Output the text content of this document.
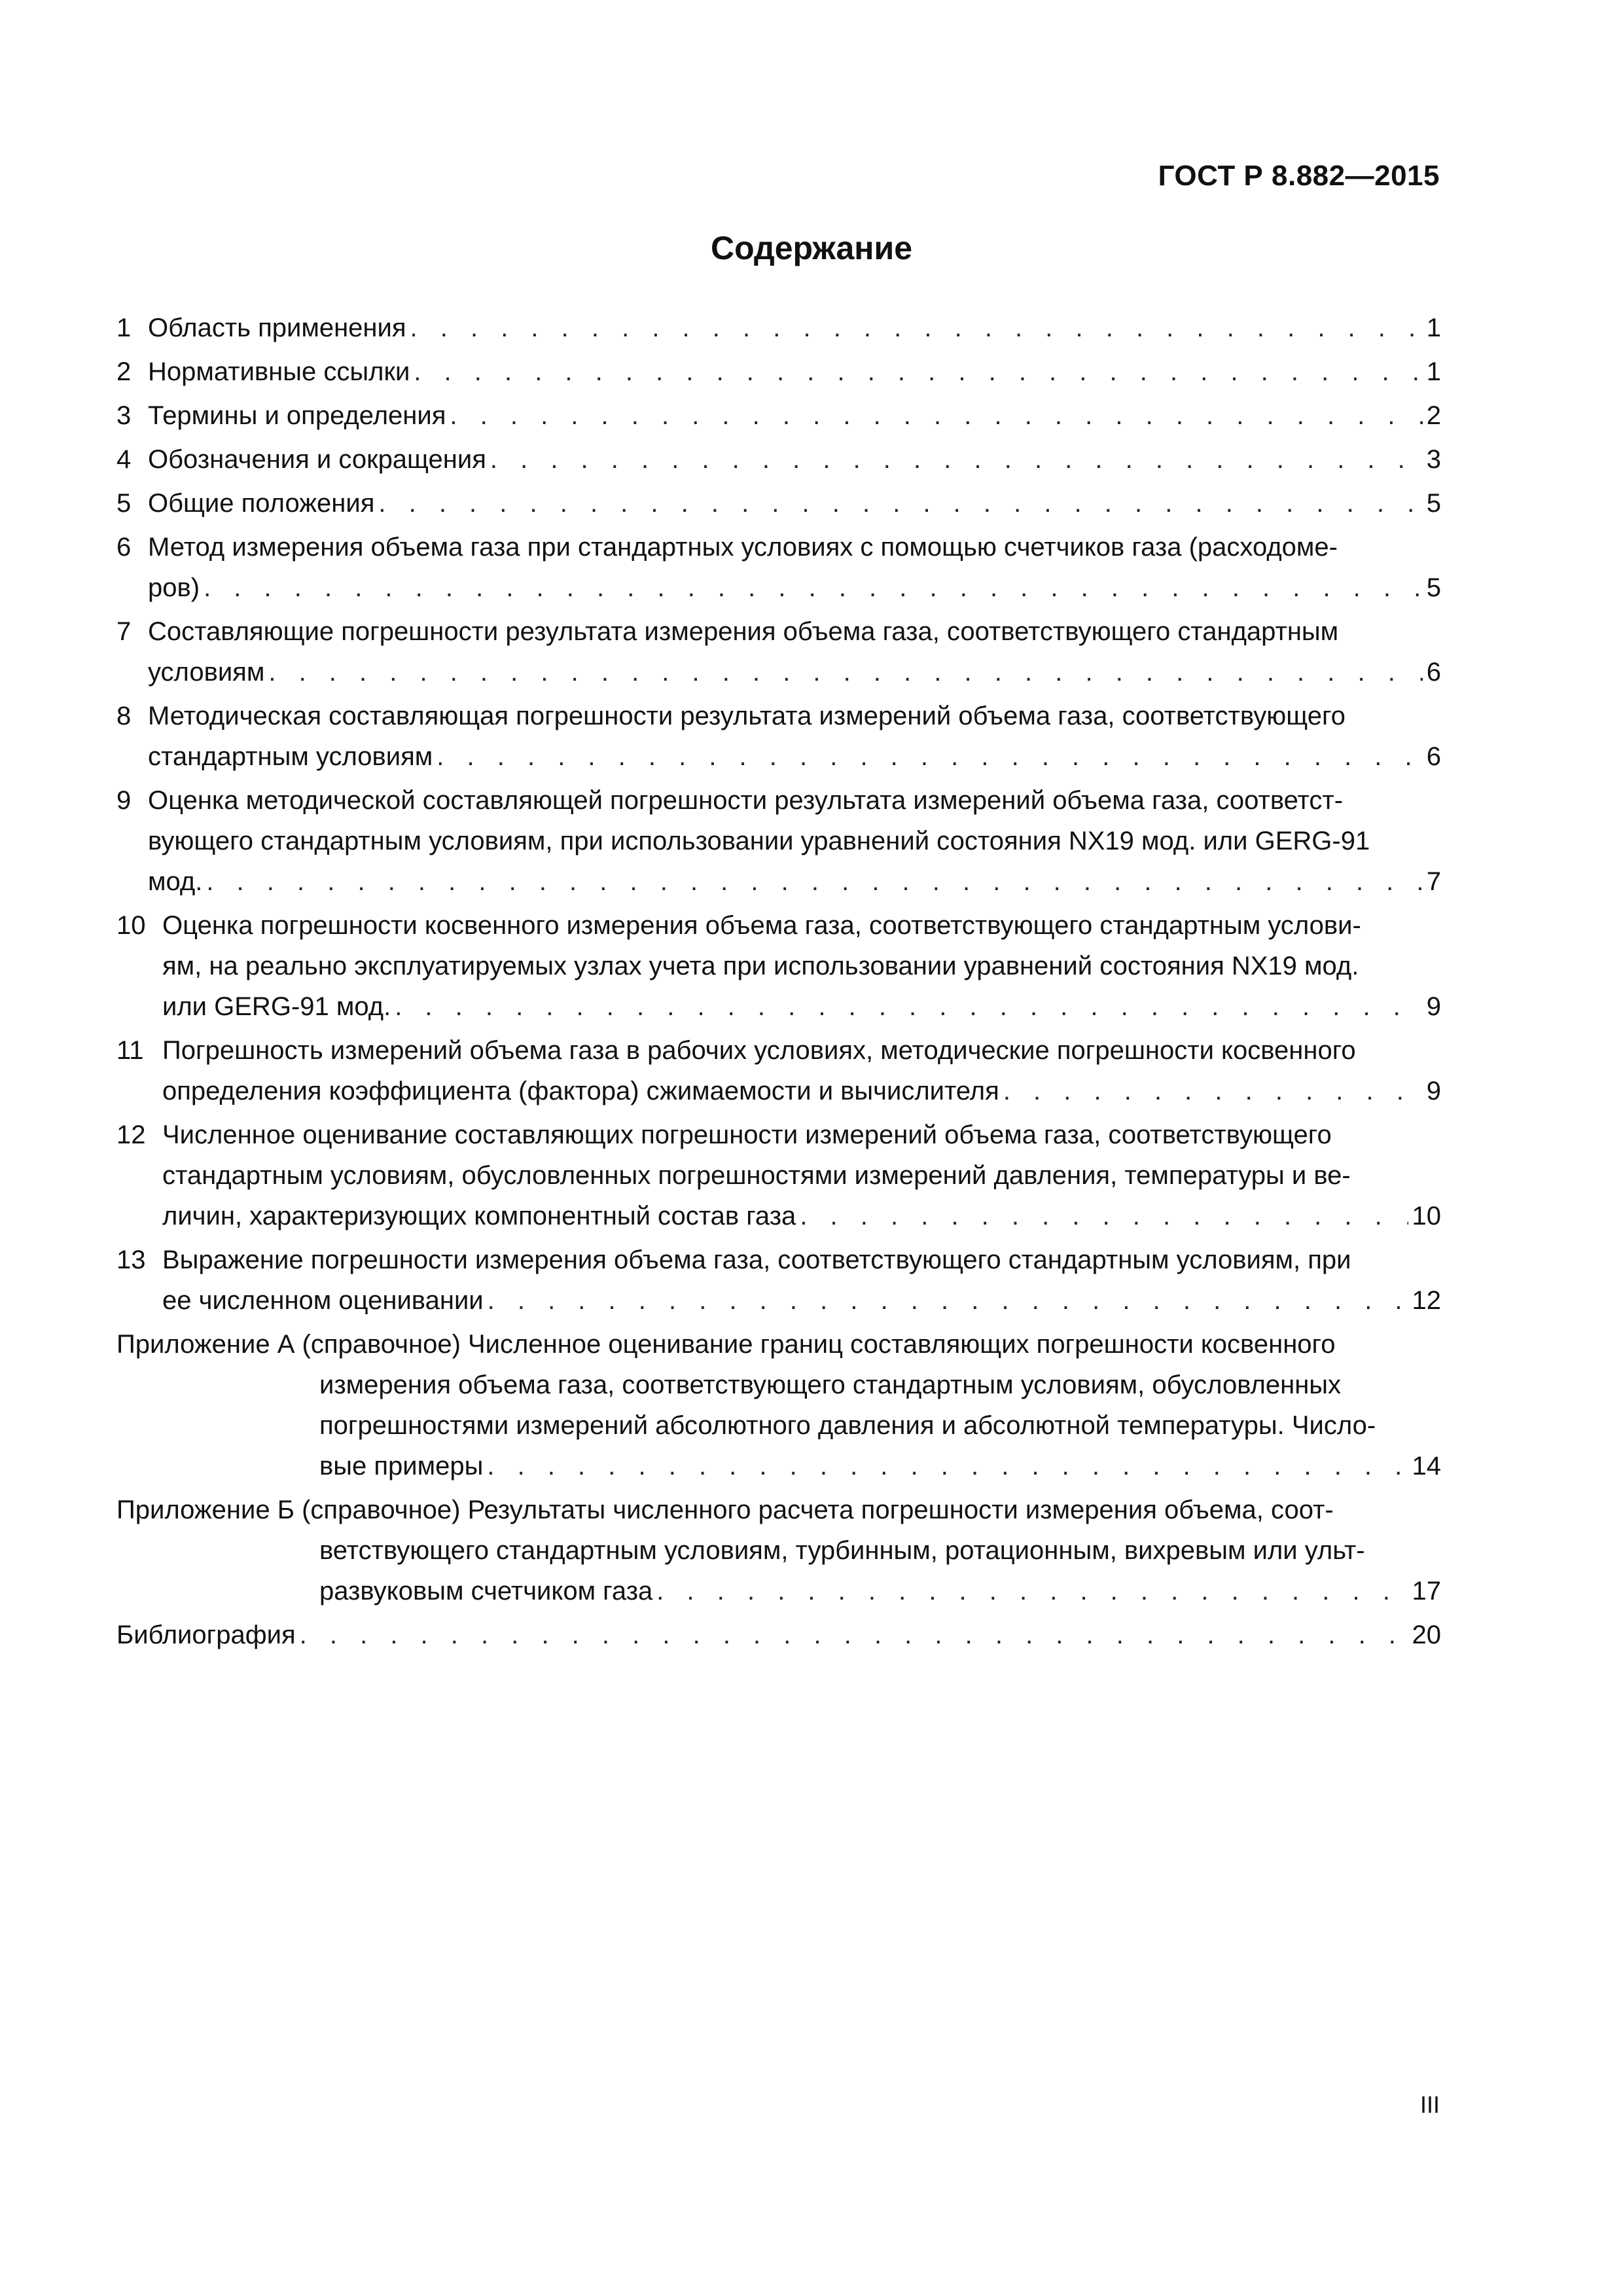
ГОСТ Р 8.882—2015
Содержание
1 Область применения . . .	1
2 Нормативные ссылки . . .	1
3 Термины и определения . . .	2
4 Обозначения и сокращения . . .	3
5 Общие положения . . .	5
6 Метод измерения объема газа при стандартных условиях с помощью счетчиков газа (расходоме-
ров) . . .	5
7 Составляющие погрешности результата измерения объема газа, соответствующего стандартным
условиям . . .	6
8 Методическая составляющая погрешности результата измерений объема газа, соответствующего
стандартным условиям . . .	6
9 Оценка методической составляющей погрешности результата измерений объема газа, соответст-
вующего стандартным условиям, при использовании уравнений состояния NX19 мод. или GERG-91
мод. . . .	7
10 Оценка погрешности косвенного измерения объема газа, соответствующего стандартным услови-
ям, на реально эксплуатируемых узлах учета при использовании уравнений состояния NX19 мод.
или GERG-91 мод. . . .	9
11 Погрешность измерений объема газа в рабочих условиях, методические погрешности косвенного
определения коэффициента (фактора) сжимаемости и вычислителя . . .	9
12 Численное оценивание составляющих погрешности измерений объема газа, соответствующего
стандартным условиям, обусловленных погрешностями измерений давления, температуры и ве-
личин, характеризующих компонентный состав газа . . .	10
13 Выражение погрешности измерения объема газа, соответствующего стандартным условиям, при
ее численном оценивании . . .	12
Приложение А (справочное) Численное оценивание границ составляющих погрешности косвенного
измерения объема газа, соответствующего стандартным условиям, обусловленных
погрешностями измерений абсолютного давления и абсолютной температуры. Число-
вые примеры . . .	14
Приложение Б (справочное) Результаты численного расчета погрешности измерения объема, соот-
ветствующего стандартным условиям, турбинным, ротационным, вихревым или ульт-
развуковым счетчиком газа . . .	17
Библиография . . .	20
III
